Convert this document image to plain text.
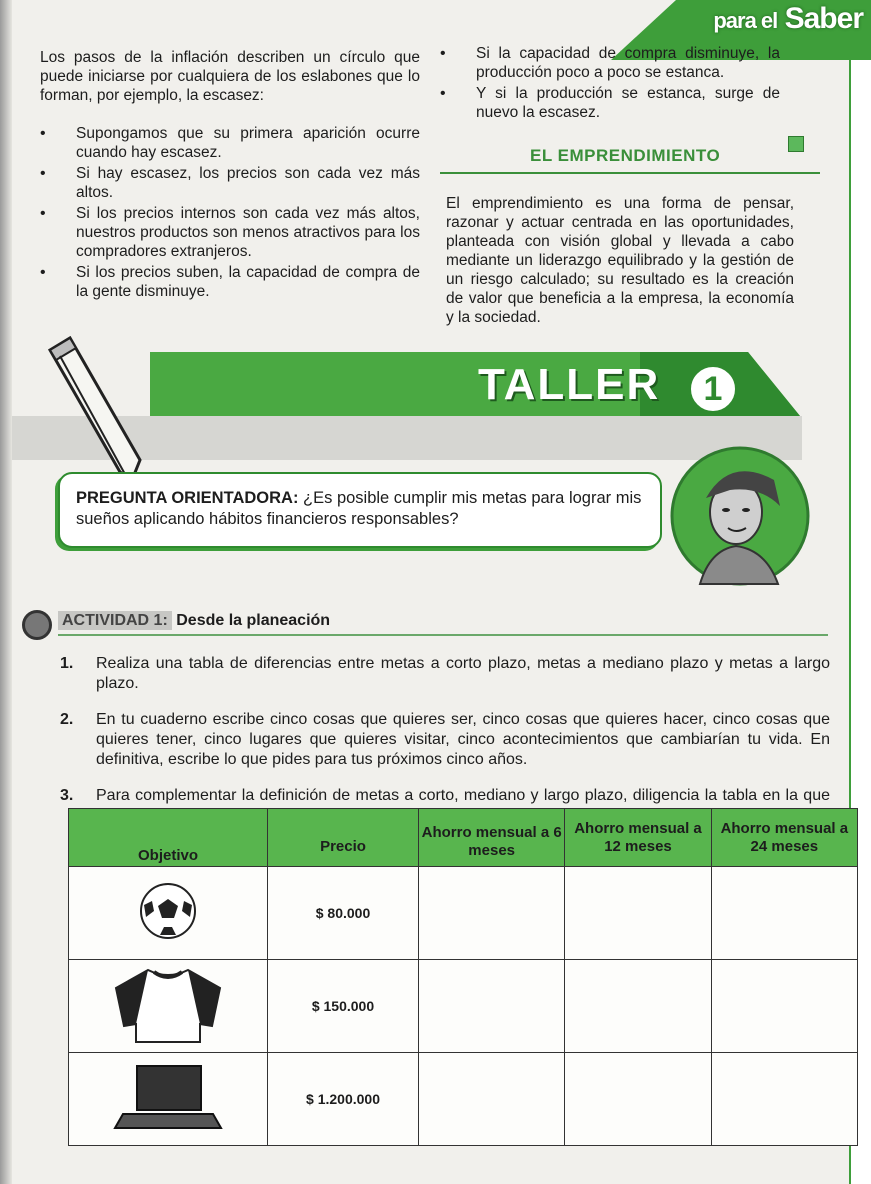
para el Saber
Los pasos de la inflación describen un círculo que puede iniciarse por cualquiera de los eslabones que lo forman, por ejemplo, la escasez:
• Supongamos que su primera aparición ocurre cuando hay escasez.
• Si hay escasez, los precios son cada vez más altos.
• Si los precios internos son cada vez más altos, nuestros productos son menos atractivos para los compradores extranjeros.
• Si los precios suben, la capacidad de compra de la gente disminuye.
• Si la capacidad de compra disminuye, la producción poco a poco se estanca.
• Y si la producción se estanca, surge de nuevo la escasez.
EL EMPRENDIMIENTO
El emprendimiento es una forma de pensar, razonar y actuar centrada en las oportunidades, planteada con visión global y llevada a cabo mediante un liderazgo equilibrado y la gestión de un riesgo calculado; su resultado es la creación de valor que beneficia a la empresa, la economía y la sociedad.
TALLER	1
PREGUNTA ORIENTADORA: ¿Es posible cumplir mis metas para lograr mis sueños aplicando hábitos financieros responsables?
ACTIVIDAD 1: Desde la planeación
1. Realiza una tabla de diferencias entre metas a corto plazo, metas a mediano plazo y metas a largo plazo.
2. En tu cuaderno escribe cinco cosas que quieres ser, cinco cosas que quieres hacer, cinco cosas que quieres tener, cinco lugares que quieres visitar, cinco acontecimientos que cambiarían tu vida. En definitiva, escribe lo que pides para tus próximos cinco años.
3. Para complementar la definición de metas a corto, mediano y largo plazo, diligencia la tabla en la que
Objetivo	Precio	Ahorro mensual a 6 meses	Ahorro mensual a 12 meses	Ahorro mensual a 24 meses
	$ 80.000			
	$ 150.000			
	$ 1.200.000			
